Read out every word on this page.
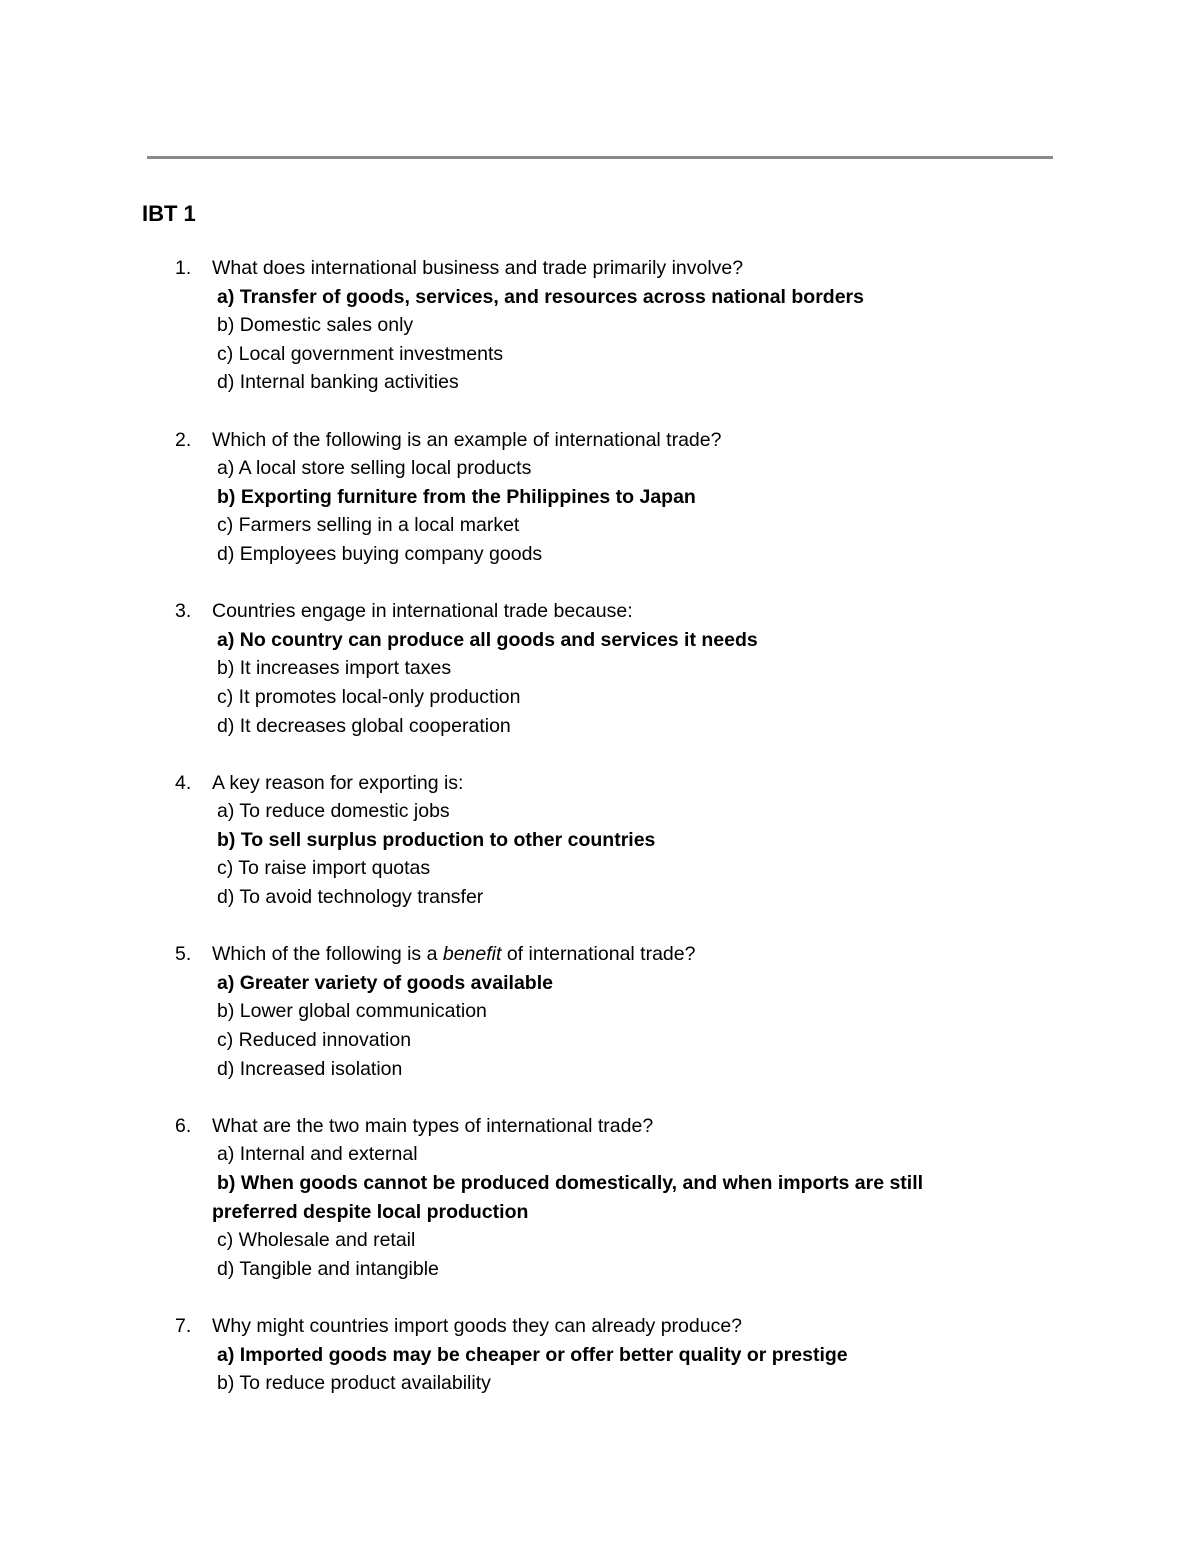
IBT 1
1. What does international business and trade primarily involve?
a) Transfer of goods, services, and resources across national borders
b) Domestic sales only
c) Local government investments
d) Internal banking activities
2. Which of the following is an example of international trade?
a) A local store selling local products
b) Exporting furniture from the Philippines to Japan
c) Farmers selling in a local market
d) Employees buying company goods
3. Countries engage in international trade because:
a) No country can produce all goods and services it needs
b) It increases import taxes
c) It promotes local-only production
d) It decreases global cooperation
4. A key reason for exporting is:
a) To reduce domestic jobs
b) To sell surplus production to other countries
c) To raise import quotas
d) To avoid technology transfer
5. Which of the following is a benefit of international trade?
a) Greater variety of goods available
b) Lower global communication
c) Reduced innovation
d) Increased isolation
6. What are the two main types of international trade?
a) Internal and external
b) When goods cannot be produced domestically, and when imports are still preferred despite local production
c) Wholesale and retail
d) Tangible and intangible
7. Why might countries import goods they can already produce?
a) Imported goods may be cheaper or offer better quality or prestige
b) To reduce product availability
